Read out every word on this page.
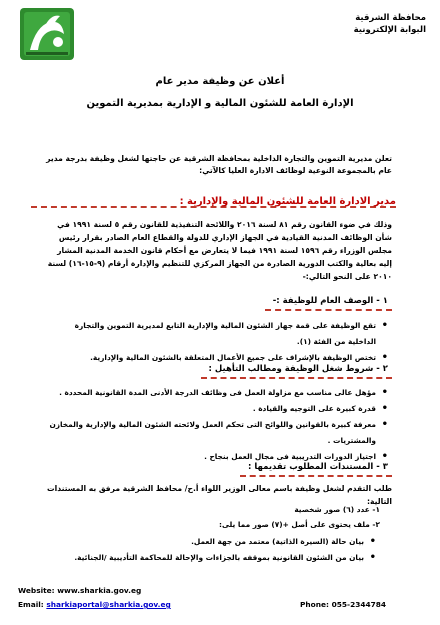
محافظة الشرقية
البوابة الإلكترونية
أعلان عن وظيفة مدير عام
الإدارة العامة للشئون المالية و الإدارية بمديرية التموين
تعلن مديرية التموين والتجارة الداخلية بمحافظة الشرقية عن حاجتها لشغل وظيفة بدرجة مدير عام بالمجموعة النوعية لوظائف الادارة العليا كالآتي:
مدير الادارة العامة للشئون المالية والإدارية :
وذلك في ضوء القانون رقم ٨١ لسنة ٢٠١٦ واللائحة التنفيذية للقانون رقم ٥ لسنة ١٩٩١ في شأن الوظائف المدنية القيادية في الجهاز الإداري للدولة والقطاع العام الصادر بقرار رئيس مجلس الوزراء رقم ١٥٩٦ لسنة ١٩٩١ فيما لا يتعارض مع أحكام قانون الخدمة المدنية المشار إليه بعالية والكتب الدورية الصادرة من الجهاز المركزي للتنظيم والإدارة أرقام (٩-١٥-١٦) لسنة ٢٠١٠ على النحو التالي:-
١ - الوصف العام للوظيفة :-
• تقع الوظيفة على قمة جهاز الشئون المالية والإدارية التابع لمديرية التموين والتجارة الداخلية من الفئة (١).
• تختص الوظيفة بالإشراف على جميع الأعمال المتعلقة بالشئون المالية والإدارية.
٢ - شروط شغل الوظيفة ومطالب التأهيل :
• مؤهل عالى مناسب مع مزاولة العمل فى وظائف الدرجة الأدنى المدة القانونية المحددة .
• قدرة كبيرة على التوجيه والقيادة .
• معرفة كبيرة بالقوانين واللوائح التى تحكم العمل ولائحته الشئون المالية والإدارية والمخازن والمشتريات .
• اجتياز الدورات التدريبية فى مجال العمل بنجاح .
٣ - المستندات المطلوب تقديمها :
طلب التقدم لشغل وظيفة باسم معالى الوزير اللواء أ.ح/ محافظ الشرقية مرفق به المستندات التالية:
١- عدد (٦) صور شخصية
٢- ملف يحتوى على أصل +(٧) صور مما يلى:
• بيان حالة (السيرة الذاتية) معتمد من جهة العمل.
• بيان من الشئون القانونية بموقفه بالجزاءات والإحالة للمحاكمة التأديبية /الجنائية.
Website: www.sharkia.gov.eg
Email: sharkiaportal@sharkia.gov.eg	Phone: 055-2344784
